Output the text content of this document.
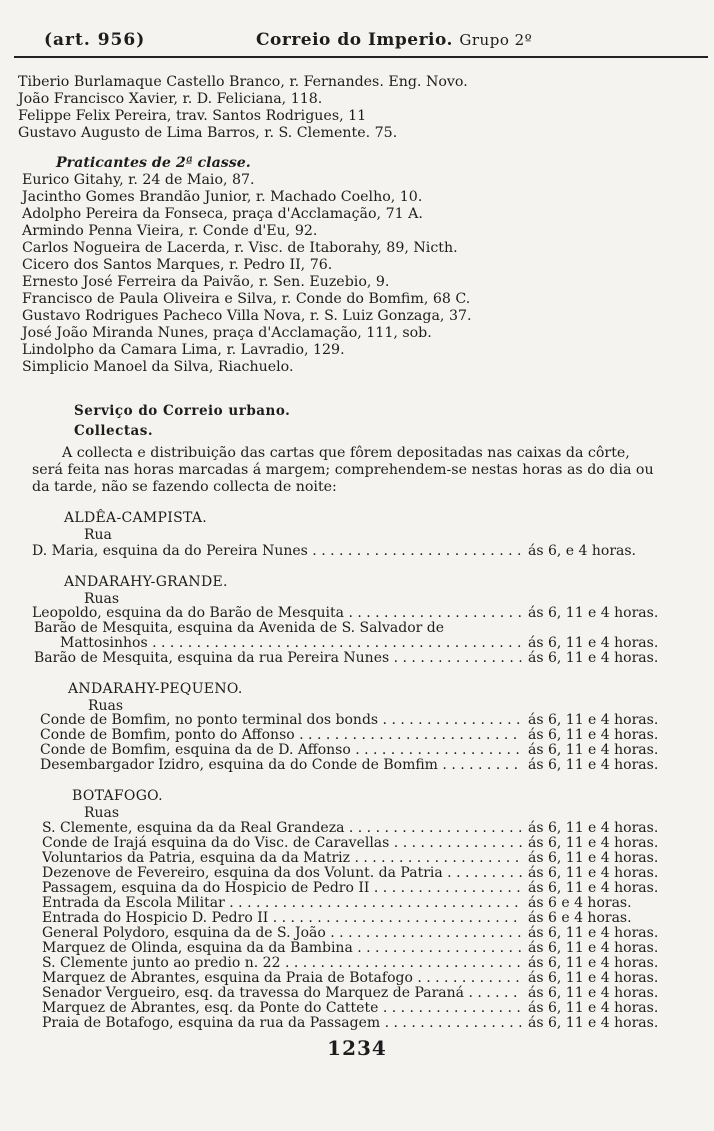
(art. 956)	Correio do Imperio. Grupo 2º
Tiberio Burlamaque Castello Branco, r. Fernandes. Eng. Novo.
João Francisco Xavier, r. D. Feliciana, 118.
Felippe Felix Pereira, trav. Santos Rodrigues, 11
Gustavo Augusto de Lima Barros, r. S. Clemente. 75.
Praticantes de 2ª classe.
Eurico Gitahy, r. 24 de Maio, 87.
Jacintho Gomes Brandão Junior, r. Machado Coelho, 10.
Adolpho Pereira da Fonseca, praça d'Acclamação, 71 A.
Armindo Penna Vieira, r. Conde d'Eu, 92.
Carlos Nogueira de Lacerda, r. Visc. de Itaborahy, 89, Nicth.
Cicero dos Santos Marques, r. Pedro II, 76.
Ernesto José Ferreira da Paivão, r. Sen. Euzebio, 9.
Francisco de Paula Oliveira e Silva, r. Conde do Bomfim, 68 C.
Gustavo Rodrigues Pacheco Villa Nova, r. S. Luiz Gonzaga, 37.
José João Miranda Nunes, praça d'Acclamação, 111, sob.
Lindolpho da Camara Lima, r. Lavradio, 129.
Simplicio Manoel da Silva, Riachuelo.
Serviço do Correio urbano.
Collectas.
A collecta e distribuição das cartas que fôrem depositadas nas caixas da côrte,
será feita nas horas marcadas á margem; comprehendem-se nestas horas as do dia ou
da tarde, não se fazendo collecta de noite:
ALDÊA-CAMPISTA.
Rua
D. Maria, esquina da do Pereira Nunes . . .	ás 6, e 4 horas.
ANDARAHY-GRANDE.
Ruas
Leopoldo, esquina da do Barão de Mesquita . . .	ás 6, 11 e 4 horas.
Barão de Mesquita, esquina da Avenida de S. Salvador de
Mattosinhos . . .	ás 6, 11 e 4 horas.
Barão de Mesquita, esquina da rua Pereira Nunes . . .	ás 6, 11 e 4 horas.
ANDARAHY-PEQUENO.
Ruas
Conde de Bomfim, no ponto terminal dos bonds . . .	ás 6, 11 e 4 horas.
Conde de Bomfim, ponto do Affonso . . .	ás 6, 11 e 4 horas.
Conde de Bomfim, esquina da de D. Affonso . . .	ás 6, 11 e 4 horas.
Desembargador Izidro, esquina da do Conde de Bomfim . . .	ás 6, 11 e 4 horas.
BOTAFOGO.
Ruas
S. Clemente, esquina da da Real Grandeza . . .	ás 6, 11 e 4 horas.
Conde de Irajá esquina da do Visc. de Caravellas . . .	ás 6, 11 e 4 horas.
Voluntarios da Patria, esquina da da Matriz . . .	ás 6, 11 e 4 horas.
Dezenove de Fevereiro, esquina da dos Volunt. da Patria . . .	ás 6, 11 e 4 horas.
Passagem, esquina da do Hospicio de Pedro II . . .	ás 6, 11 e 4 horas.
Entrada da Escola Militar . . .	ás 6 e 4 horas.
Entrada do Hospicio D. Pedro II . . .	ás 6 e 4 horas.
General Polydoro, esquina da de S. João . . .	ás 6, 11 e 4 horas.
Marquez de Olinda, esquina da da Bambina . . .	ás 6, 11 e 4 horas.
S. Clemente junto ao predio n. 22 . . .	ás 6, 11 e 4 horas.
Marquez de Abrantes, esquina da Praia de Botafogo . . .	ás 6, 11 e 4 horas.
Senador Vergueiro, esq. da travessa do Marquez de Paraná . . .	ás 6, 11 e 4 horas.
Marquez de Abrantes, esq. da Ponte do Cattete . . .	ás 6, 11 e 4 horas.
Praia de Botafogo, esquina da rua da Passagem . . .	ás 6, 11 e 4 horas.
1234
